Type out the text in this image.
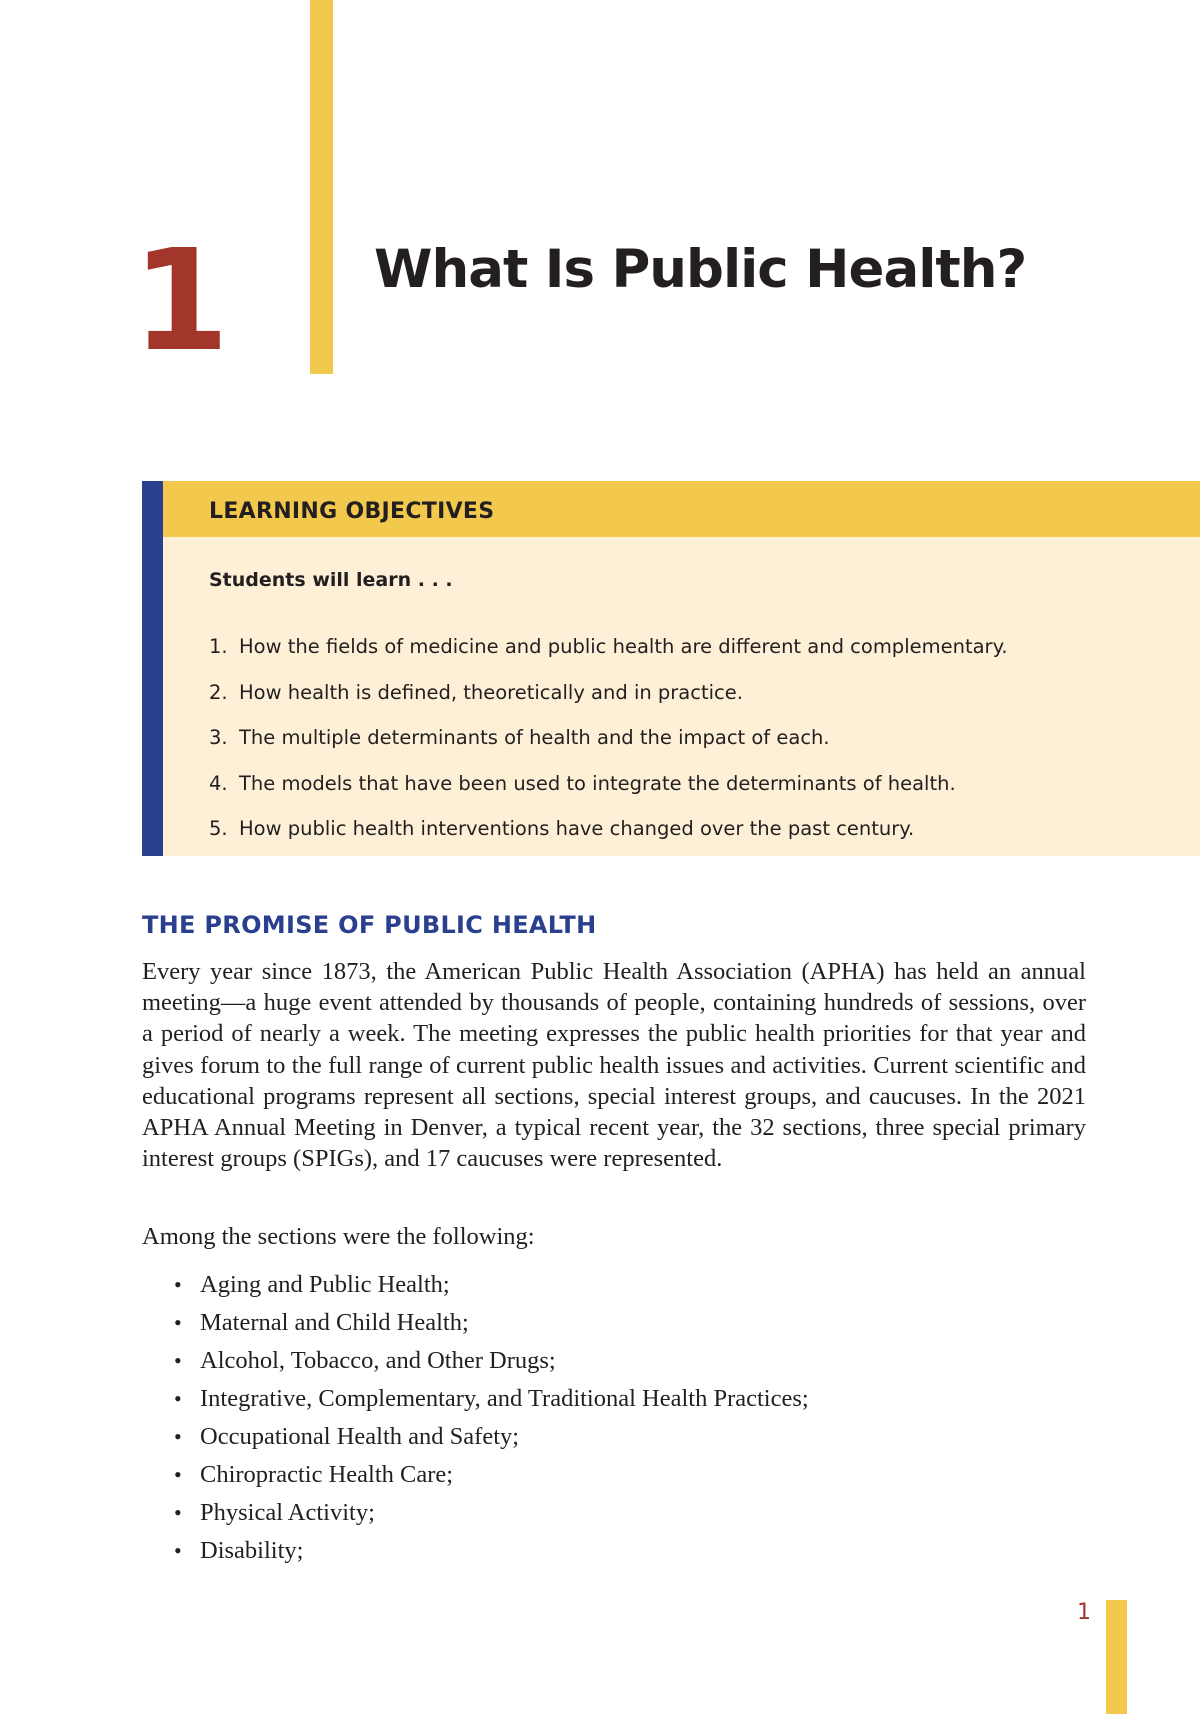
1	What Is Public Health?
LEARNING OBJECTIVES

Students will learn . . .

1. How the fields of medicine and public health are different and complementary.
2. How health is defined, theoretically and in practice.
3. The multiple determinants of health and the impact of each.
4. The models that have been used to integrate the determinants of health.
5. How public health interventions have changed over the past century.
THE PROMISE OF PUBLIC HEALTH

Every year since 1873, the American Public Health Association (APHA) has held an annual meeting—a huge event attended by thousands of people, containing hundreds of sessions, over a period of nearly a week. The meeting expresses the public health priorities for that year and gives forum to the full range of current public health issues and activities. Current scientific and educational programs represent all sections, special interest groups, and caucuses. In the 2021 APHA Annual Meeting in Denver, a typical recent year, the 32 sections, three special primary interest groups (SPIGs), and 17 caucuses were represented.

Among the sections were the following:

• Aging and Public Health;
• Maternal and Child Health;
• Alcohol, Tobacco, and Other Drugs;
• Integrative, Complementary, and Traditional Health Practices;
• Occupational Health and Safety;
• Chiropractic Health Care;
• Physical Activity;
• Disability;
1
